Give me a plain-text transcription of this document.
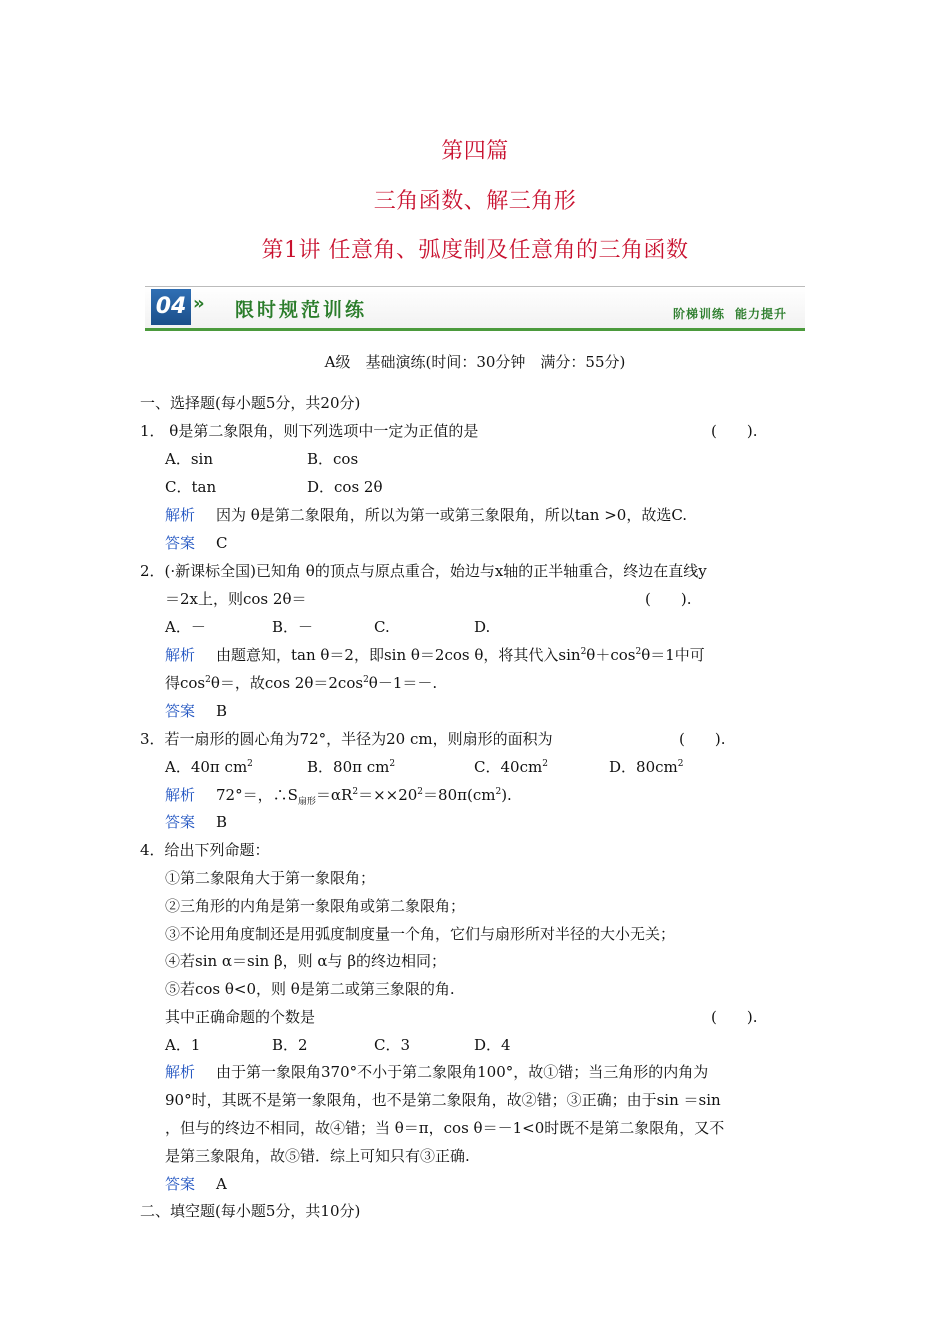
第四篇
三角函数、解三角形
第1讲 任意角、弧度制及任意角的三角函数
04 » 限时规范训练	阶梯训练 能力提升
A级　基础演练(时间：30分钟　满分：55分)
一、选择题(每小题5分，共20分)
1． θ是第二象限角，则下列选项中一定为正值的是	(　　).
A．sin	B．cos
C．tan	D．cos 2θ
解析 因为 θ是第二象限角，所以为第一或第三象限角，所以tan >0，故选C.
答案 C
2．(·新课标全国)已知角 θ的顶点与原点重合，始边与x轴的正半轴重合，终边在直线y
＝2x上，则cos 2θ＝	(　　).
A．－	B．－	C.	D.
解析 由题意知，tan θ＝2，即sin θ＝2cos θ，将其代入$\sin^2\theta+\cos^2\theta=1$中可
得$\cos^2\theta=$，故$\cos 2\theta=2\cos^2\theta-1=-$.
答案 B
3．若一扇形的圆心角为72°，半径为20 cm，则扇形的面积为	(　　).
A．40π $cm^2$	B．80π $cm^2$	C．$40cm^2$	D．$80cm^2$
解析 72°＝，$\therefore S_{扇形}=\alpha R^2=\times\times 20^2=80\pi(cm^2)$.
答案 B
4．给出下列命题：
①第二象限角大于第一象限角；
②三角形的内角是第一象限角或第二象限角；
③不论用角度制还是用弧度制度量一个角，它们与扇形所对半径的大小无关；
④若sin α＝sin β，则 α与 β的终边相同；
⑤若cos θ<0，则 θ是第二或第三象限的角.
其中正确命题的个数是	(　　).
A．1	B．2	C．3	D．4
解析 由于第一象限角370°不小于第二象限角100°，故①错；当三角形的内角为
90°时，其既不是第一象限角，也不是第二象限角，故②错；③正确；由于sin ＝sin
，但与的终边不相同，故④错；当 θ＝π，cos θ＝－1<0时既不是第二象限角，又不
是第三象限角，故⑤错．综上可知只有③正确.
答案 A
二、填空题(每小题5分，共10分)
